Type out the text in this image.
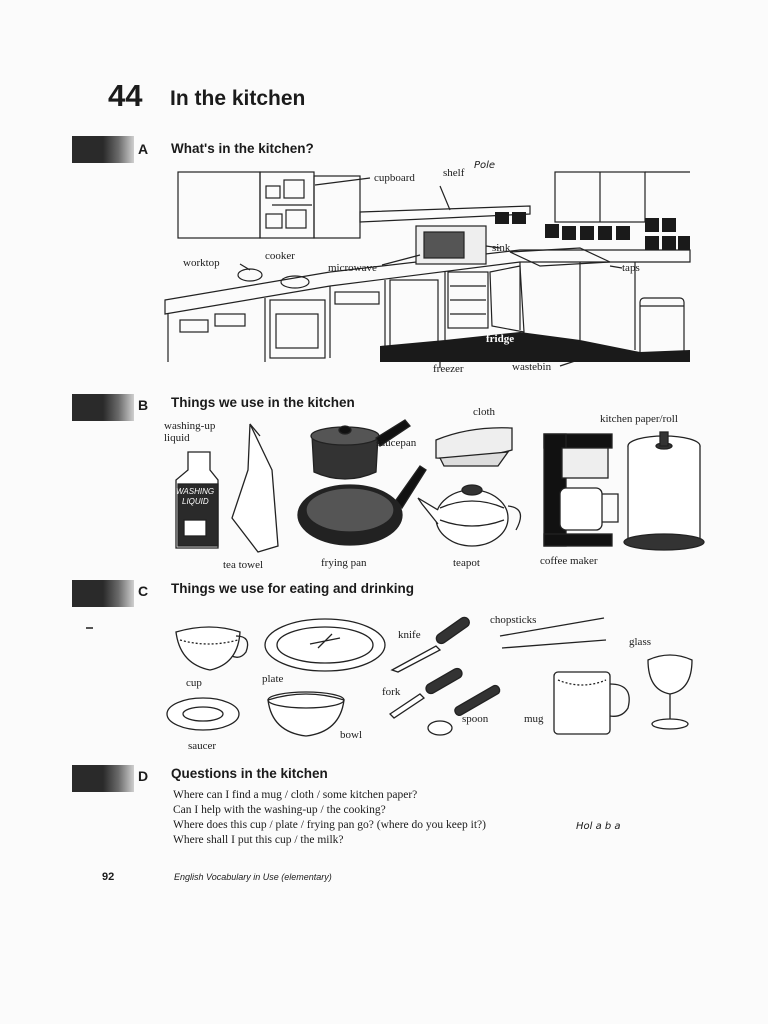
44 In the kitchen
A What's in the kitchen?
cupboard	shelf
Pole
sink
cooker
worktop	microwave	taps
fridge
freezer	wastebin
B Things we use in the kitchen
washing-up
liquid
WASHING
LIQUID
cloth
kitchen paper/roll
saucepan
tea towel	frying pan	teapot	coffee maker
C Things we use for eating and drinking
chopsticks
knife
glass
cup	plate
fork
spoon	mug
saucer
bowl
D Questions in the kitchen
Where can I find a mug / cloth / some kitchen paper?
Can I help with the washing-up / the cooking?
Where does this cup / plate / frying pan go? (where do you keep it?)	Hol a b a
Where shall I put this cup / the milk?
92	English Vocabulary in Use (elementary)
